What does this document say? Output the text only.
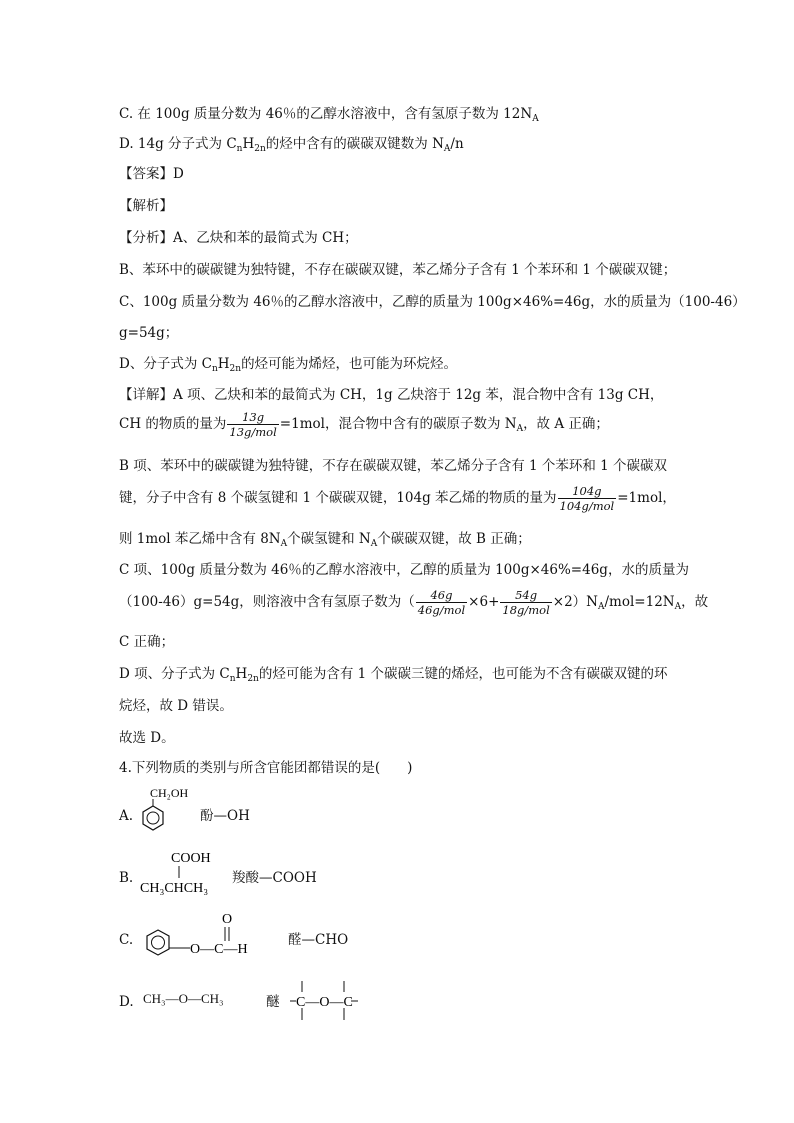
C. 在 100g 质量分数为 46％的乙醇水溶液中，含有氢原子数为 $12N_A$
D. 14g 分子式为 $C_nH_{2n}$的烃中含有的碳碳双键数为 $N_A/n$
【答案】D
【解析】
【分析】A、乙炔和苯的最简式为 CH；
B、苯环中的碳碳键为独特键，不存在碳碳双键，苯乙烯分子含有 1 个苯环和 1 个碳碳双键；
C、100g 质量分数为 46％的乙醇水溶液中，乙醇的质量为 100g×46%=46g，水的质量为（100-46）
g=54g；
D、分子式为 $C_nH_{2n}$的烃可能为烯烃，也可能为环烷烃。
【详解】A 项、乙炔和苯的最简式为 CH，1g 乙炔溶于 12g 苯，混合物中含有 13g CH，
CH 的物质的量为 $\frac{13g}{\text{13g/mol}} =1mol$，混合物中含有的碳原子数为 $N_A$，故 A 正确；
B 项、苯环中的碳碳键为独特键，不存在碳碳双键，苯乙烯分子含有 1 个苯环和 1 个碳碳双
键，分子中含有 8 个碳氢键和 1 个碳碳双键，104g 苯乙烯的物质的量为 $\frac{104g}{\text{104g/mol}} =1mol$，
则 1mol 苯乙烯中含有 $8N_A$个碳氢键和 $N_A$个碳碳双键，故 B 正确；
C 项、100g 质量分数为 46％的乙醇水溶液中，乙醇的质量为 100g×46%=46g，水的质量为
（100-46）g=54g，则溶液中含有氢原子数为（ $\frac{46g}{\text{46g/mol}} \times 6+ \frac{54g}{\text{18g/mol}} \times 2)N_A/mol=12N_A$，故
C 正确；
D 项、分子式为 $C_nH_{2n}$的烃可能为含有 1 个碳碳三键的烯烃，也可能为不含有碳碳双键的环
烷烃，故 D 错误。
故选 D。
4.下列物质的类别与所含官能团都错误的是(　　)
A.
CH₂OH
酚—OH
B.
COOH
CH₃CHCH₃
羧酸—COOH
C.
O
O—C—H
醛—CHO
D. CH₃—O—CH₃	醚 C—O—C
